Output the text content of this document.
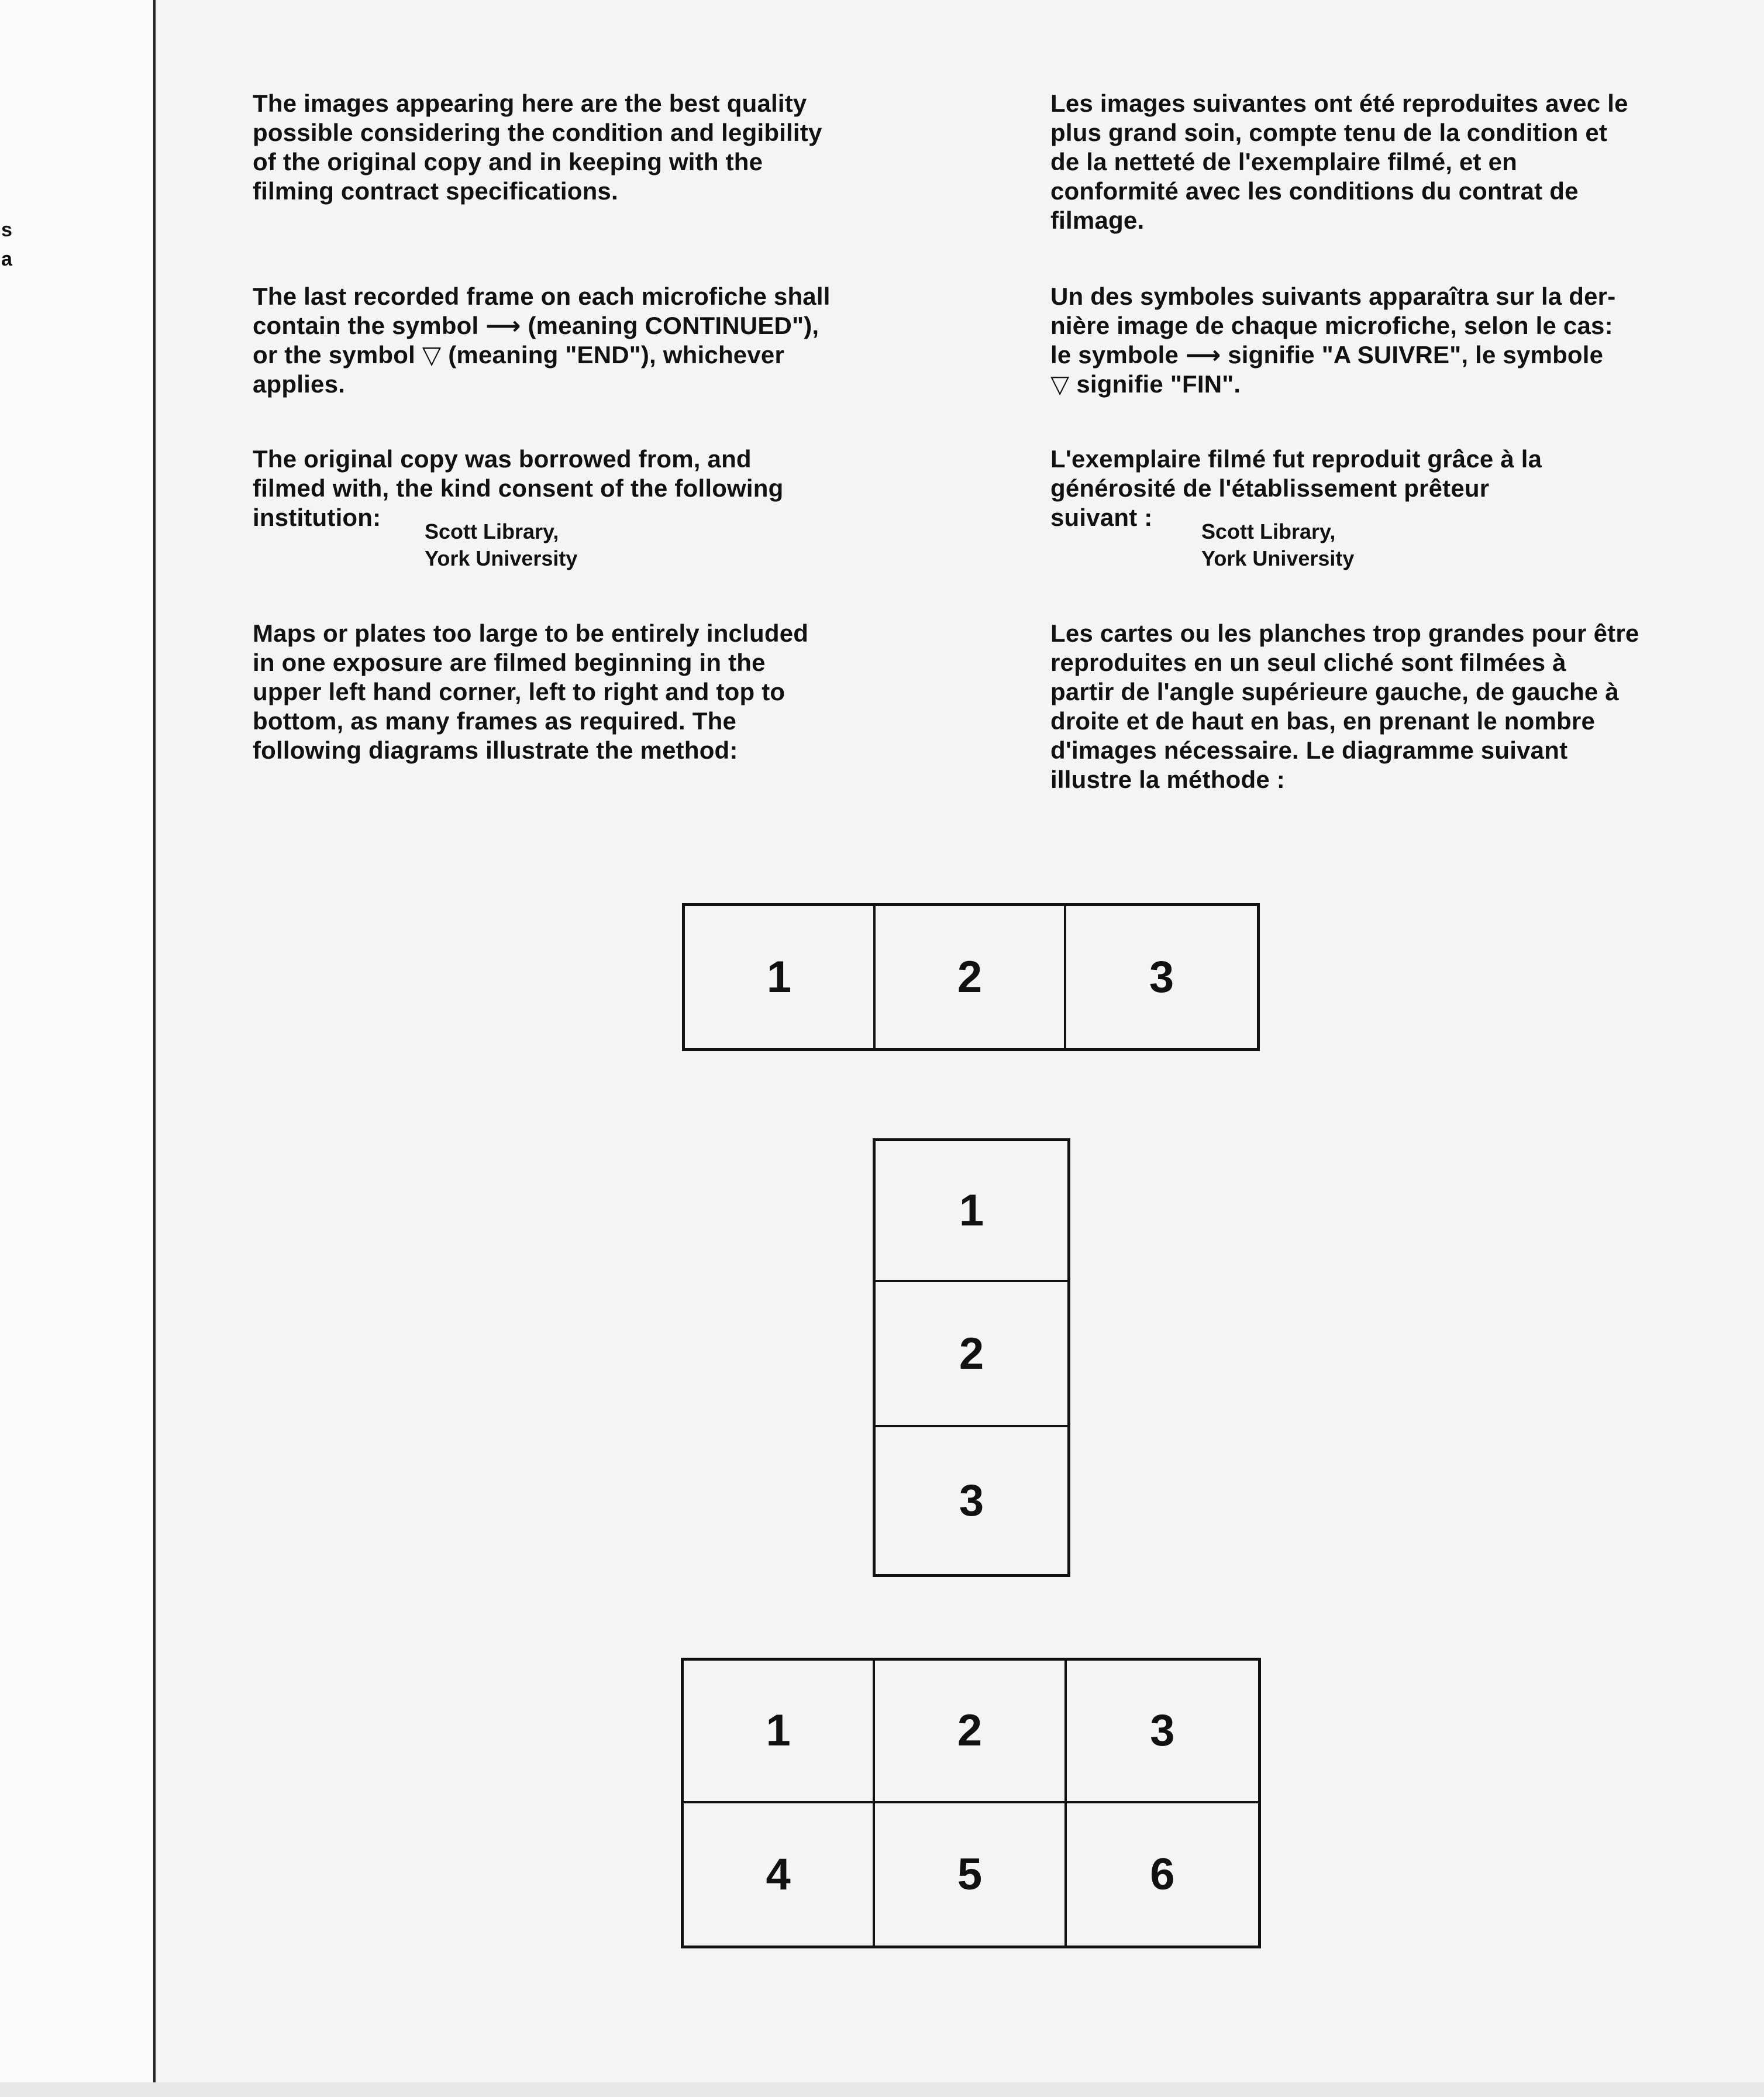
s
a
The images appearing here are the best quality
possible considering the condition and legibility
of the original copy and in keeping with the
filming contract specifications.
The last recorded frame on each microfiche shall
contain the symbol ⟶ (meaning CONTINUED"),
or the symbol ▽ (meaning "END"), whichever
applies.
The original copy was borrowed from, and
filmed with, the kind consent of the following
institution:
Scott Library,
York University
Maps or plates too large to be entirely included
in one exposure are filmed beginning in the
upper left hand corner, left to right and top to
bottom, as many frames as required. The
following diagrams illustrate the method:
Les images suivantes ont été reproduites avec le
plus grand soin, compte tenu de la condition et
de la netteté de l'exemplaire filmé, et en
conformité avec les conditions du contrat de
filmage.
Un des symboles suivants apparaîtra sur la der-
nière image de chaque microfiche, selon le cas:
le symbole ⟶ signifie "A SUIVRE", le symbole
▽ signifie "FIN".
L'exemplaire filmé fut reproduit grâce à la
générosité de l'établissement prêteur
suivant :
Scott Library,
York University
Les cartes ou les planches trop grandes pour être
reproduites en un seul cliché sont filmées à
partir de l'angle supérieure gauche, de gauche à
droite et de haut en bas, en prenant le nombre
d'images nécessaire. Le diagramme suivant
illustre la méthode :
1	2	3
1
2
3
1	2	3
4	5	6
